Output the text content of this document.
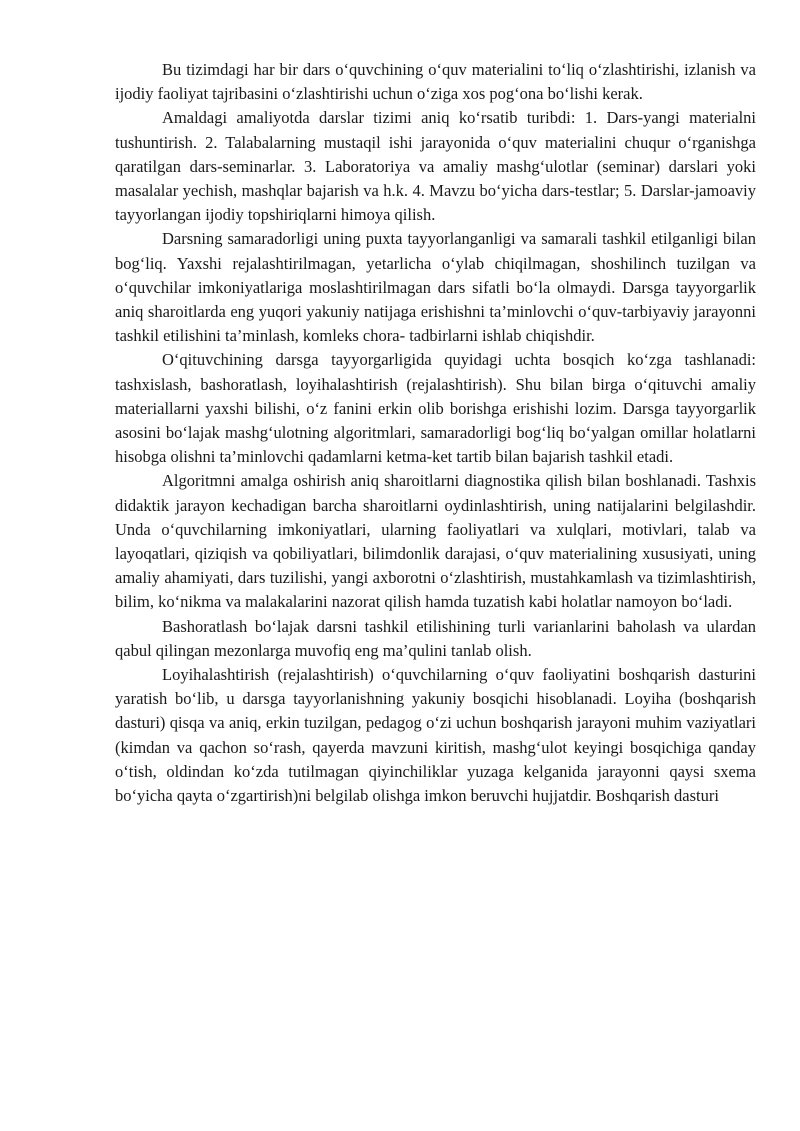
Bu tizimdagi har bir dars o‘quvchining o‘quv materialini to‘liq o‘zlashtirishi, izlanish va ijodiy faoliyat tajribasini o‘zlashtirishi uchun o‘ziga xos pog‘ona bo‘lishi kerak.

Amaldagi amaliyotda darslar tizimi aniq ko‘rsatib turibdi: 1. Dars-yangi materialni tushuntirish. 2. Talabalarning mustaqil ishi jarayonida o‘quv materialini chuqur o‘rganishga qaratilgan dars-seminarlar. 3. Laboratoriya va amaliy mashg‘ulotlar (seminar) darslari yoki masalalar yechish, mashqlar bajarish va h.k. 4. Mavzu bo‘yicha dars-testlar; 5. Darslar-jamoaviy tayyorlangan ijodiy topshiriqlarni himoya qilish.

Darsning samaradorligi uning puxta tayyorlanganligi va samarali tashkil etilganligi bilan bog‘liq. Yaxshi rejalashtirilmagan, yetarlicha o‘ylab chiqilmagan, shoshilinch tuzilgan va o‘quvchilar imkoniyatlariga moslashtirilmagan dars sifatli bo‘la olmaydi. Darsga tayyorgarlik aniq sharoitlarda eng yuqori yakuniy natijaga erishishni ta’minlovchi o‘quv-tarbiyaviy jarayonni tashkil etilishini ta’minlash, komleks chora- tadbirlarni ishlab chiqishdir.

O‘qituvchining darsga tayyorgarligida quyidagi uchta bosqich ko‘zga tashlanadi: tashxislash, bashoratlash, loyihalashtirish (rejalashtirish). Shu bilan birga o‘qituvchi amaliy materiallarni yaxshi bilishi, o‘z fanini erkin olib borishga erishishi lozim. Darsga tayyorgarlik asosini bo‘lajak mashg‘ulotning algoritmlari, samaradorligi bog‘liq bo‘yalgan omillar holatlarni hisobga olishni ta’minlovchi qadamlarni ketma-ket tartib bilan bajarish tashkil etadi.

Algoritmni amalga oshirish aniq sharoitlarni diagnostika qilish bilan boshlanadi. Tashxis didaktik jarayon kechadigan barcha sharoitlarni oydinlashtirish, uning natijalarini belgilashdir. Unda o‘quvchilarning imkoniyatlari, ularning faoliyatlari va xulqlari, motivlari, talab va layoqatlari, qiziqish va qobiliyatlari, bilimdonlik darajasi, o‘quv materialining xususiyati, uning amaliy ahamiyati, dars tuzilishi, yangi axborotni o‘zlashtirish, mustahkamlash va tizimlashtirish, bilim, ko‘nikma va malakalarini nazorat qilish hamda tuzatish kabi holatlar namoyon bo‘ladi.

Bashoratlash bo‘lajak darsni tashkil etilishining turli varianlarini baholash va ulardan qabul qilingan mezonlarga muvofiq eng ma’qulini tanlab olish.

Loyihalashtirish (rejalashtirish) o‘quvchilarning o‘quv faoliyatini boshqarish dasturini yaratish bo‘lib, u darsga tayyorlanishning yakuniy bosqichi hisoblanadi. Loyiha (boshqarish dasturi) qisqa va aniq, erkin tuzilgan, pedagog o‘zi uchun boshqarish jarayoni muhim vaziyatlari (kimdan va qachon so‘rash, qayerda mavzuni kiritish, mashg‘ulot keyingi bosqichiga qanday o‘tish, oldindan ko‘zda tutilmagan qiyinchiliklar yuzaga kelganida jarayonni qaysi sxema bo‘yicha qayta o‘zgartirish)ni belgilab olishga imkon beruvchi hujjatdir. Boshqarish dasturi
